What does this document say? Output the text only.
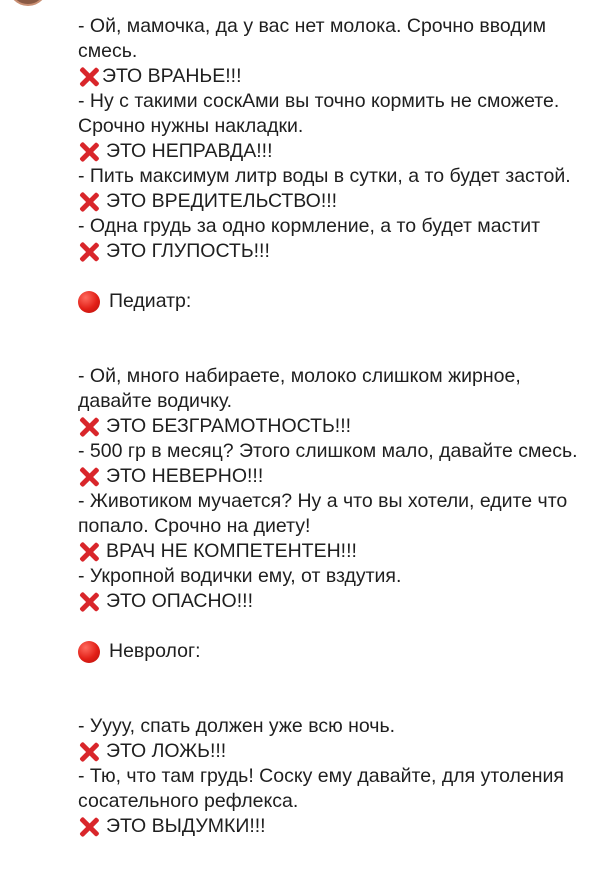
- Ой, мамочка, да у вас нет молока. Срочно вводим смесь.

ЭТО ВРАНЬЕ!!!

- Ну с такими соскАми вы точно кормить не сможете. Срочно нужны накладки.

ЭТО НЕПРАВДА!!!

- Пить максимум литр воды в сутки, а то будет застой.

ЭТО ВРЕДИТЕЛЬСТВО!!!

- Одна грудь за одно кормление, а то будет мастит

ЭТО ГЛУПОСТЬ!!!

Педиатр:

- Ой, много набираете, молоко слишком жирное, давайте водичку.

ЭТО БЕЗГРАМОТНОСТЬ!!!

- 500 гр в месяц? Этого слишком мало, давайте смесь.

ЭТО НЕВЕРНО!!!

- Животиком мучается? Ну а что вы хотели, едите что попало. Срочно на диету!

ВРАЧ НЕ КОМПЕТЕНТЕН!!!

- Укропной водички ему, от вздутия.

ЭТО ОПАСНО!!!

Невролог:

- Уууу, спать должен уже всю ночь.

ЭТО ЛОЖЬ!!!

- Тю, что там грудь! Соску ему давайте, для утоления сосательного рефлекса.

ЭТО ВЫДУМКИ!!!
